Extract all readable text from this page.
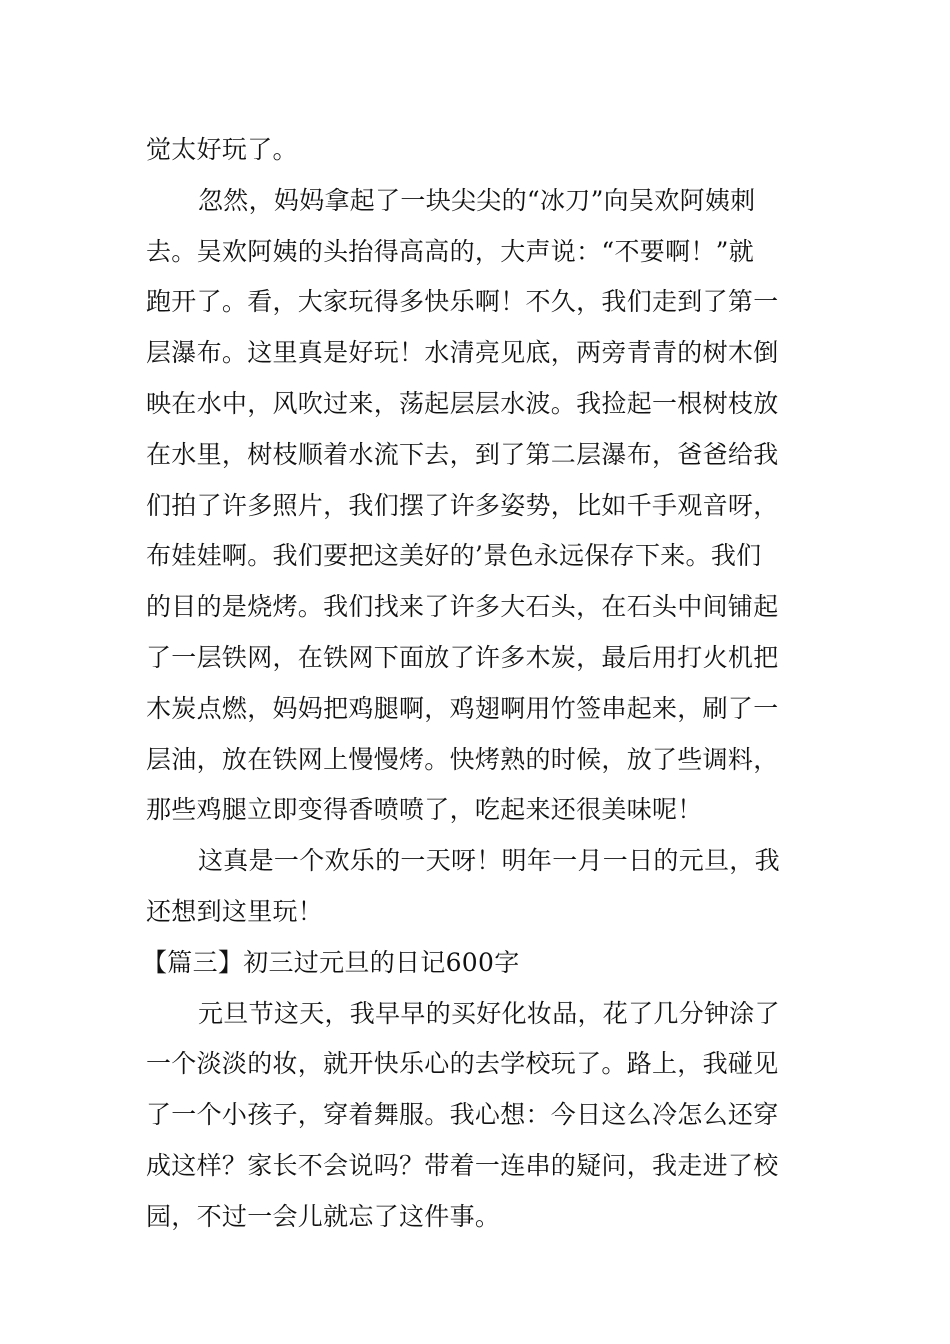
觉太好玩了。
忽然，妈妈拿起了一块尖尖的“冰刀”向吴欢阿姨刺
去。吴欢阿姨的头抬得高高的，大声说：“不要啊！”就
跑开了。看，大家玩得多快乐啊！不久，我们走到了第一
层瀑布。这里真是好玩！水清亮见底，两旁青青的树木倒
映在水中，风吹过来，荡起层层水波。我捡起一根树枝放
在水里，树枝顺着水流下去，到了第二层瀑布，爸爸给我
们拍了许多照片，我们摆了许多姿势，比如千手观音呀，
布娃娃啊。我们要把这美好的’景色永远保存下来。我们
的目的是烧烤。我们找来了许多大石头，在石头中间铺起
了一层铁网，在铁网下面放了许多木炭，最后用打火机把
木炭点燃，妈妈把鸡腿啊，鸡翅啊用竹签串起来，刷了一
层油，放在铁网上慢慢烤。快烤熟的时候，放了些调料，
那些鸡腿立即变得香喷喷了，吃起来还很美味呢！
这真是一个欢乐的一天呀！明年一月一日的元旦，我
还想到这里玩！
【篇三】初三过元旦的日记600字
元旦节这天，我早早的买好化妆品，花了几分钟涂了
一个淡淡的妆，就开快乐心的去学校玩了。路上，我碰见
了一个小孩子，穿着舞服。我心想：今日这么冷怎么还穿
成这样？家长不会说吗？带着一连串的疑问，我走进了校
园，不过一会儿就忘了这件事。
